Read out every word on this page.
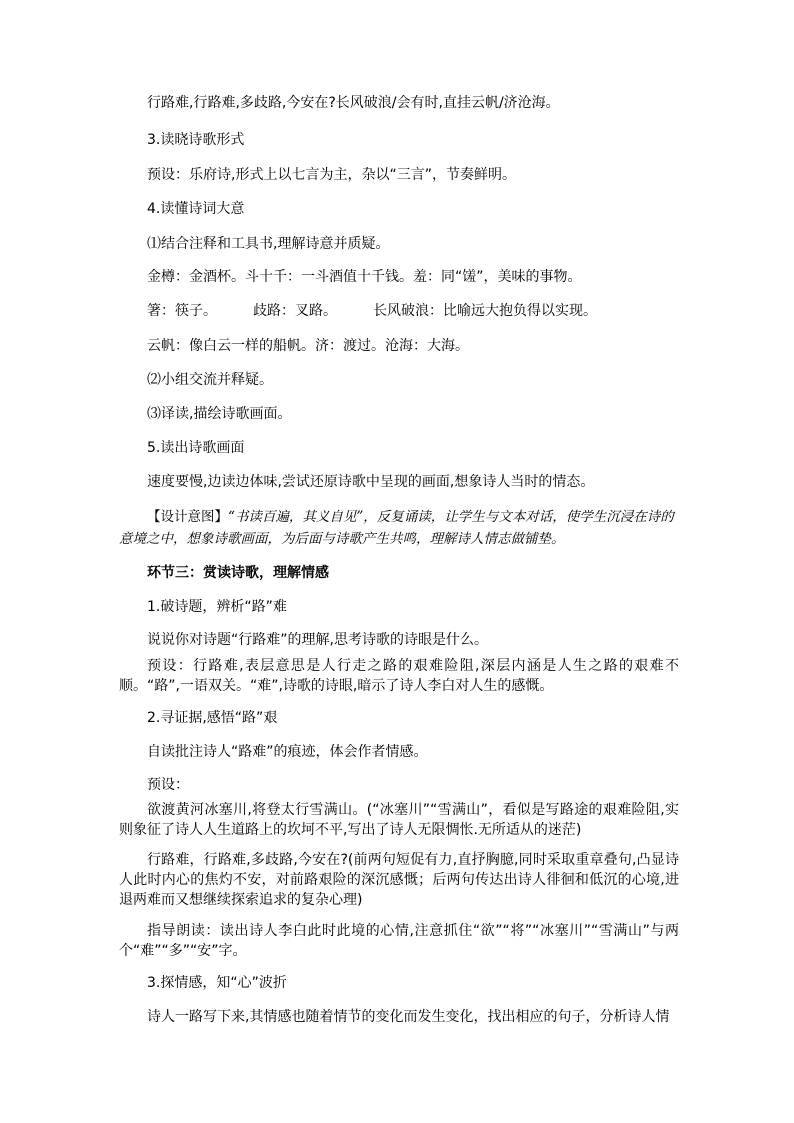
行路难,行路难,多歧路,今安在?长风破浪/会有时,直挂云帆/济沧海。
3.读晓诗歌形式
预设：乐府诗,形式上以七言为主，杂以“三言”，节奏鲜明。
4.读懂诗词大意
⑴结合注释和工具书,理解诗意并质疑。
金樽：金酒杯。斗十千：一斗酒值十千钱。羞：同“馐”，美味的事物。
箸：筷子。	歧路：叉路。	长风破浪：比喻远大抱负得以实现。
云帆：像白云一样的船帆。济：渡过。沧海：大海。
⑵小组交流并释疑。
⑶译读,描绘诗歌画面。
5.读出诗歌画面
速度要慢,边读边体味,尝试还原诗歌中呈现的画面,想象诗人当时的情态。
【设计意图】“书读百遍，其义自见”，反复诵读，让学生与文本对话，使学生沉浸在诗的意境之中，想象诗歌画面，为后面与诗歌产生共鸣，理解诗人情志做铺垫。
环节三：赏读诗歌，理解情感
1.破诗题，辨析“路”难
说说你对诗题“行路难”的理解,思考诗歌的诗眼是什么。
预设：行路难,表层意思是人行走之路的艰难险阻,深层内涵是人生之路的艰难不顺。“路”,一语双关。“难”,诗歌的诗眼,暗示了诗人李白对人生的感慨。
2.寻证据,感悟“路”艰
自读批注诗人“路难”的痕迹，体会作者情感。
预设：
欲渡黄河冰塞川,将登太行雪满山。(“冰塞川”“雪满山”，看似是写路途的艰难险阻,实则象征了诗人人生道路上的坎坷不平,写出了诗人无限惆怅.无所适从的迷茫)
行路难，行路难,多歧路,今安在?(前两句短促有力,直抒胸臆,同时采取重章叠句,凸显诗人此时内心的焦灼不安，对前路艰险的深沉感慨；后两句传达出诗人徘徊和低沉的心境,进退两难而又想继续探索追求的复杂心理)
指导朗读：读出诗人李白此时此境的心情,注意抓住“欲”“将”“冰塞川”“雪满山”与两个“难”“多”“安”字。
3.探情感，知“心”波折
诗人一路写下来,其情感也随着情节的变化而发生变化，找出相应的句子，分析诗人情
